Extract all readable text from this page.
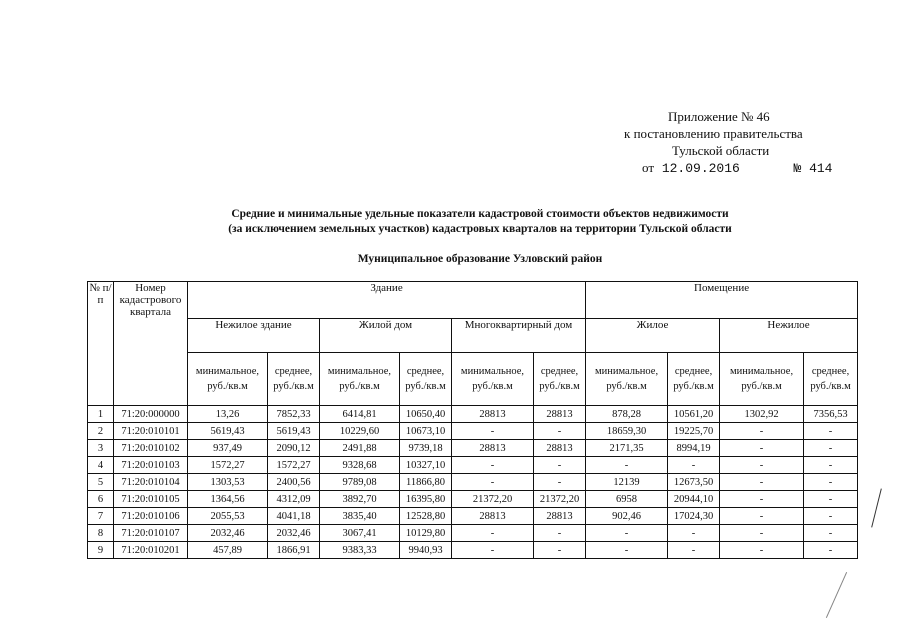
Приложение № 46
к постановлению правительства
Тульской области
от 12.09.2016	№ 414
Средние и минимальные удельные показатели кадастровой стоимости объектов недвижимости
(за исключением земельных участков) кадастровых кварталов на территории Тульской области
Муниципальное образование Узловский район
№ п/п	Номер кадастрового квартала	Здание						Помещение			
		Нежилое здание		Жилой дом		Многоквартирный дом		Жилое		Нежилое	
		минимальное, руб./кв.м	среднее, руб./кв.м	минимальное, руб./кв.м	среднее, руб./кв.м	минимальное, руб./кв.м	среднее, руб./кв.м	минимальное, руб./кв.м	среднее, руб./кв.м	минимальное, руб./кв.м	среднее, руб./кв.м
1	71:20:000000	13,26	7852,33	6414,81	10650,40	28813	28813	878,28	10561,20	1302,92	7356,53
2	71:20:010101	5619,43	5619,43	10229,60	10673,10	-	-	18659,30	19225,70	-	-
3	71:20:010102	937,49	2090,12	2491,88	9739,18	28813	28813	2171,35	8994,19	-	-
4	71:20:010103	1572,27	1572,27	9328,68	10327,10	-	-	-	-	-	-
5	71:20:010104	1303,53	2400,56	9789,08	11866,80	-	-	12139	12673,50	-	-
6	71:20:010105	1364,56	4312,09	3892,70	16395,80	21372,20	21372,20	6958	20944,10	-	-
7	71:20:010106	2055,53	4041,18	3835,40	12528,80	28813	28813	902,46	17024,30	-	-
8	71:20:010107	2032,46	2032,46	3067,41	10129,80	-	-	-	-	-	-
9	71:20:010201	457,89	1866,91	9383,33	9940,93	-	-	-	-	-	-
